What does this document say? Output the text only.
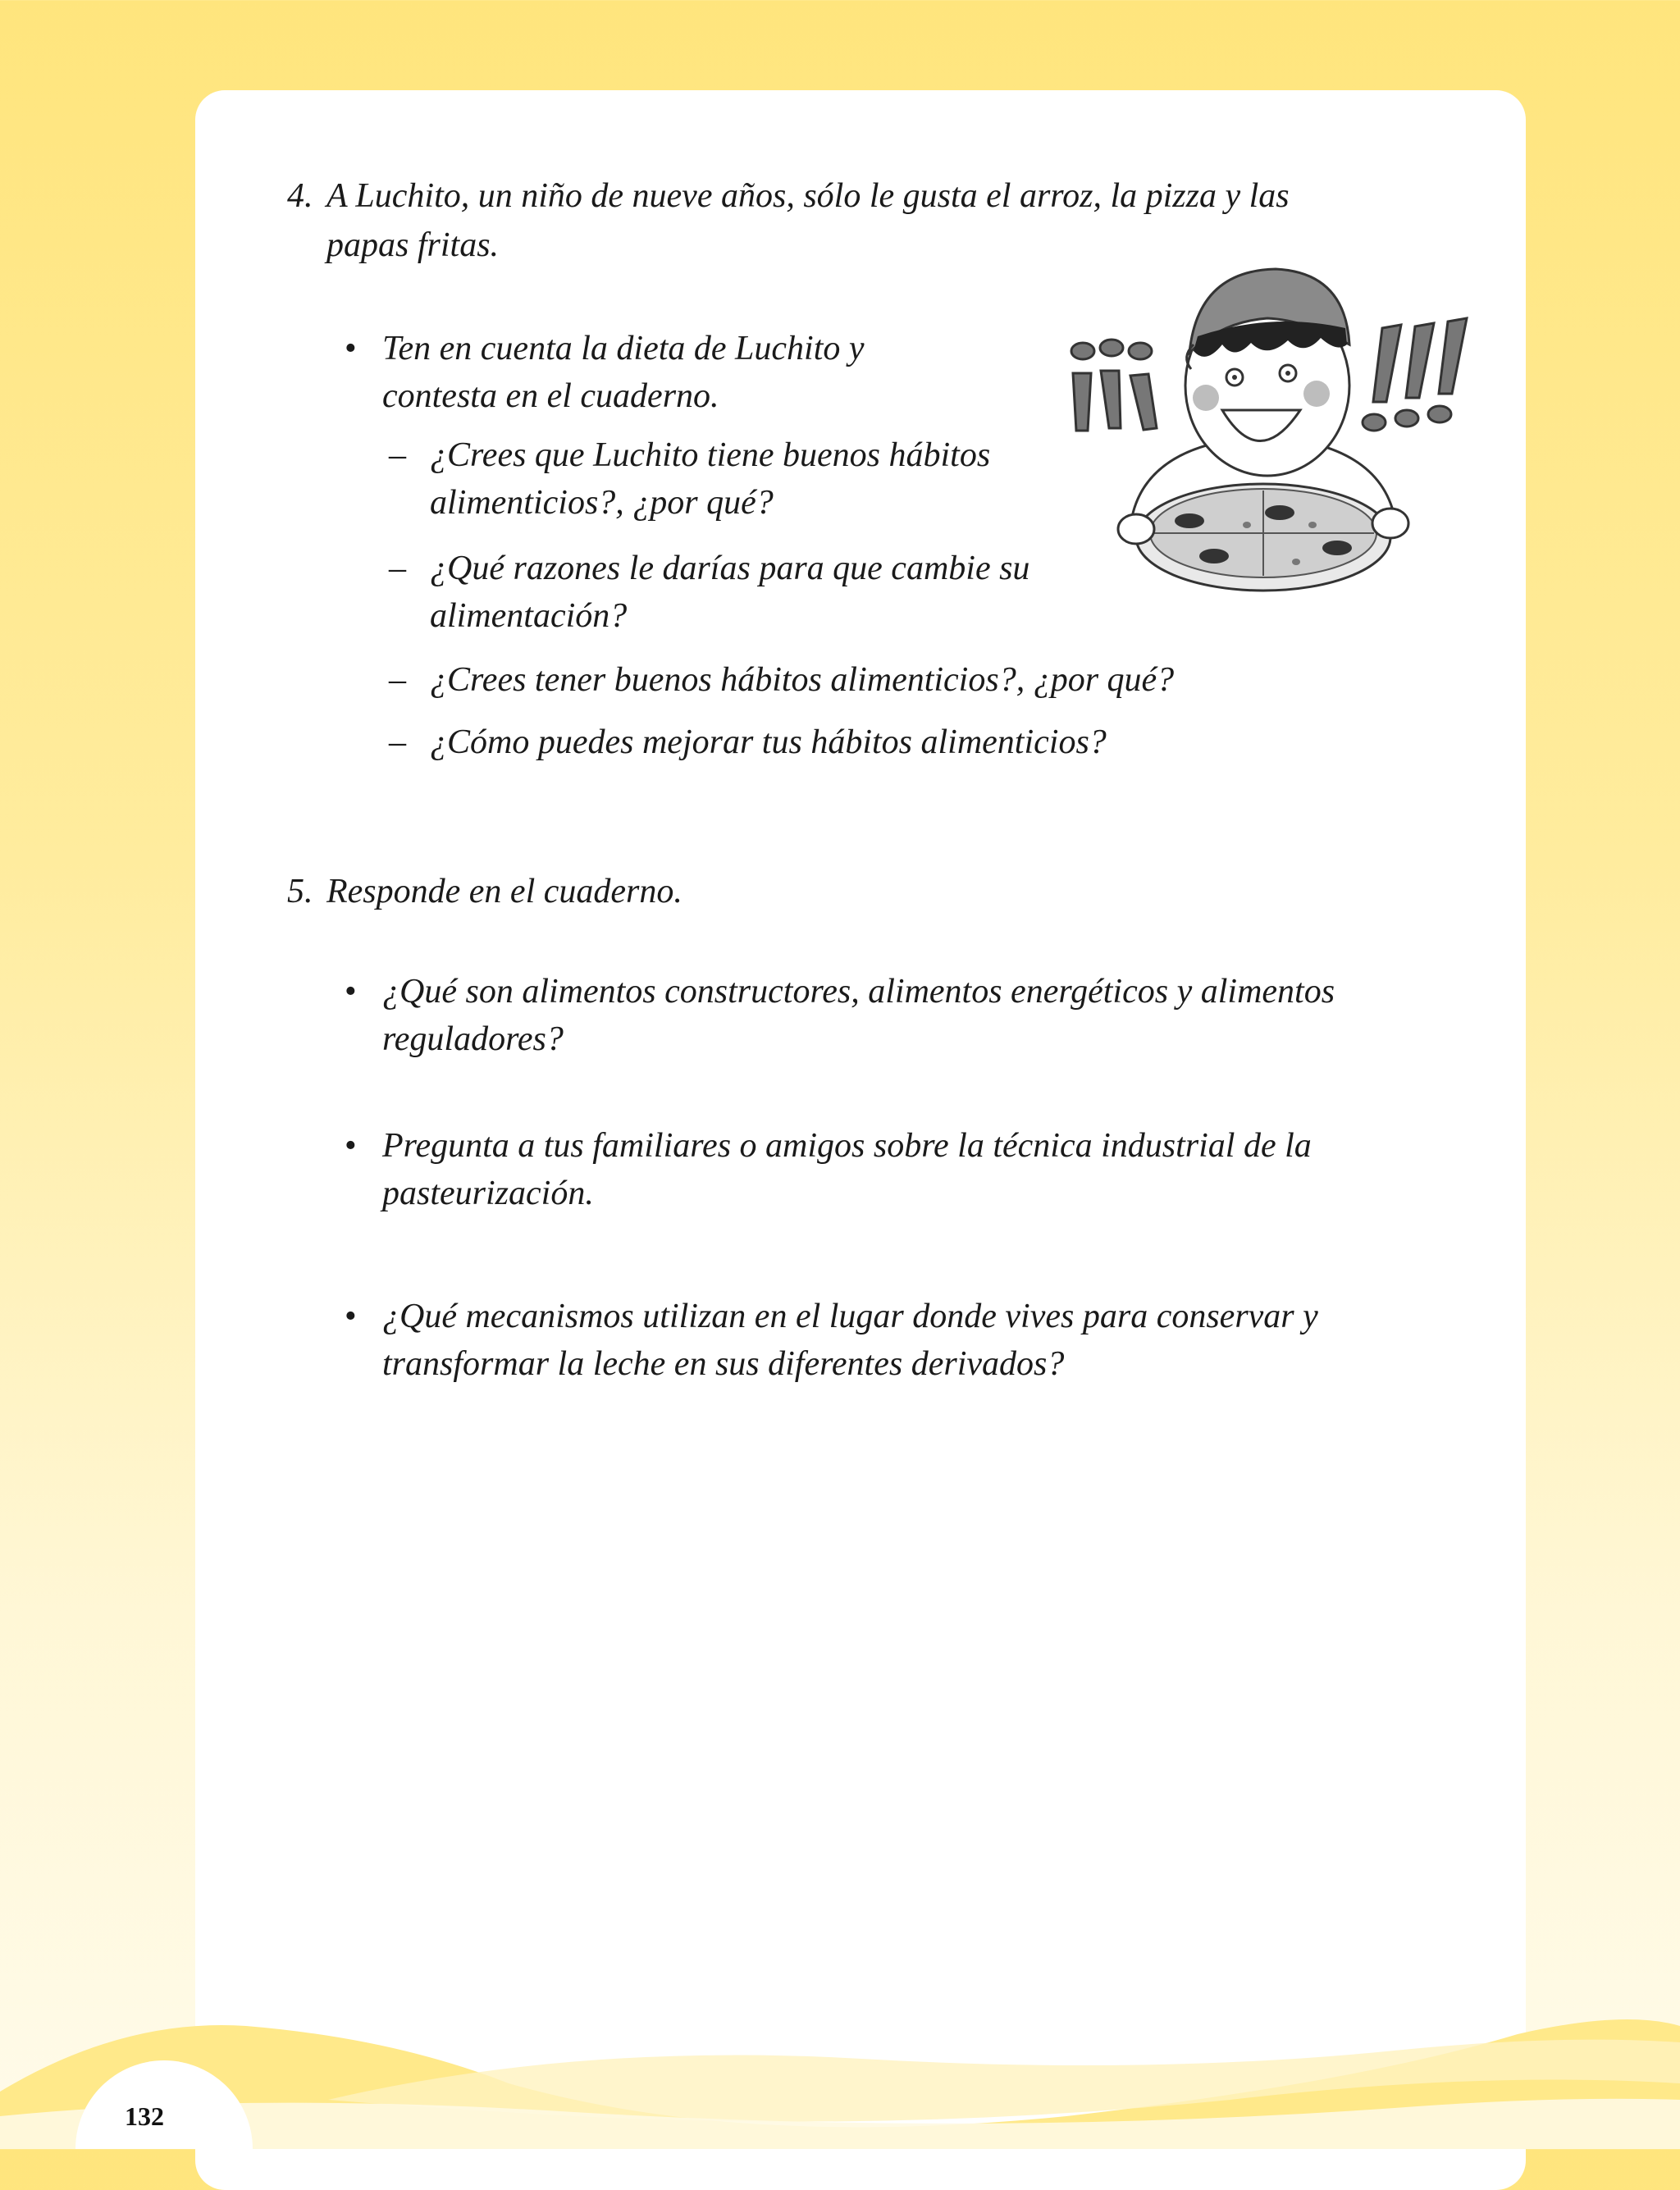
4. A Luchito, un niño de nueve años, sólo le gusta el arroz, la pizza y las
papas fritas.
• Ten en cuenta la dieta de Luchito y
contesta en el cuaderno.
– ¿Crees que Luchito tiene buenos hábitos
alimenticios?, ¿por qué?
– ¿Qué razones le darías para que cambie su
alimentación?
– ¿Crees tener buenos hábitos alimenticios?, ¿por qué?
– ¿Cómo puedes mejorar tus hábitos alimenticios?
5. Responde en el cuaderno.
• ¿Qué son alimentos constructores, alimentos energéticos y alimentos
reguladores?
• Pregunta a tus familiares o amigos sobre la técnica industrial de la
pasteurización.
• ¿Qué mecanismos utilizan en el lugar donde vives para conservar y
transformar la leche en sus diferentes derivados?
132
